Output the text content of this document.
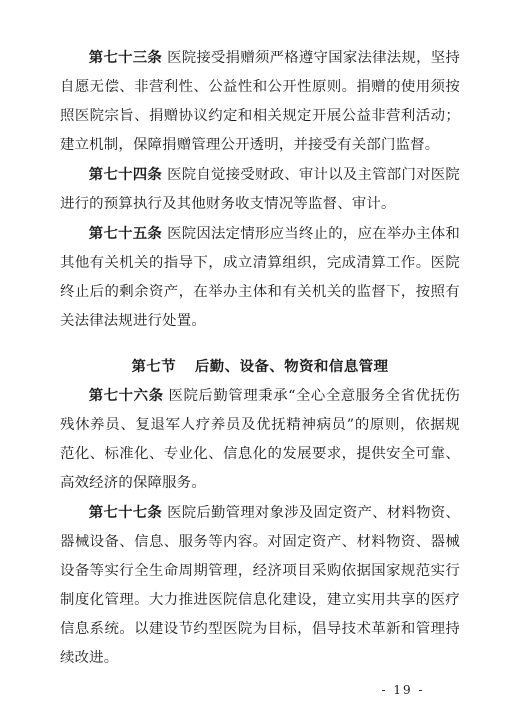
第七十三条 医院接受捐赠须严格遵守国家法律法规，坚持自愿无偿、非营利性、公益性和公开性原则。捐赠的使用须按照医院宗旨、捐赠协议约定和相关规定开展公益非营利活动；建立机制，保障捐赠管理公开透明，并接受有关部门监督。

第七十四条 医院自觉接受财政、审计以及主管部门对医院进行的预算执行及其他财务收支情况等监督、审计。

第七十五条 医院因法定情形应当终止的，应在举办主体和其他有关机关的指导下，成立清算组织，完成清算工作。医院终止后的剩余资产，在举办主体和有关机关的监督下，按照有关法律法规进行处置。

第七节 后勤、设备、物资和信息管理

第七十六条 医院后勤管理秉承“全心全意服务全省优抚伤残休养员、复退军人疗养员及优抚精神病员”的原则，依据规范化、标准化、专业化、信息化的发展要求，提供安全可靠、高效经济的保障服务。

第七十七条 医院后勤管理对象涉及固定资产、材料物资、器械设备、信息、服务等内容。对固定资产、材料物资、器械设备等实行全生命周期管理，经济项目采购依据国家规范实行制度化管理。大力推进医院信息化建设，建立实用共享的医疗信息系统。以建设节约型医院为目标，倡导技术革新和管理持续改进。

- 19 -
